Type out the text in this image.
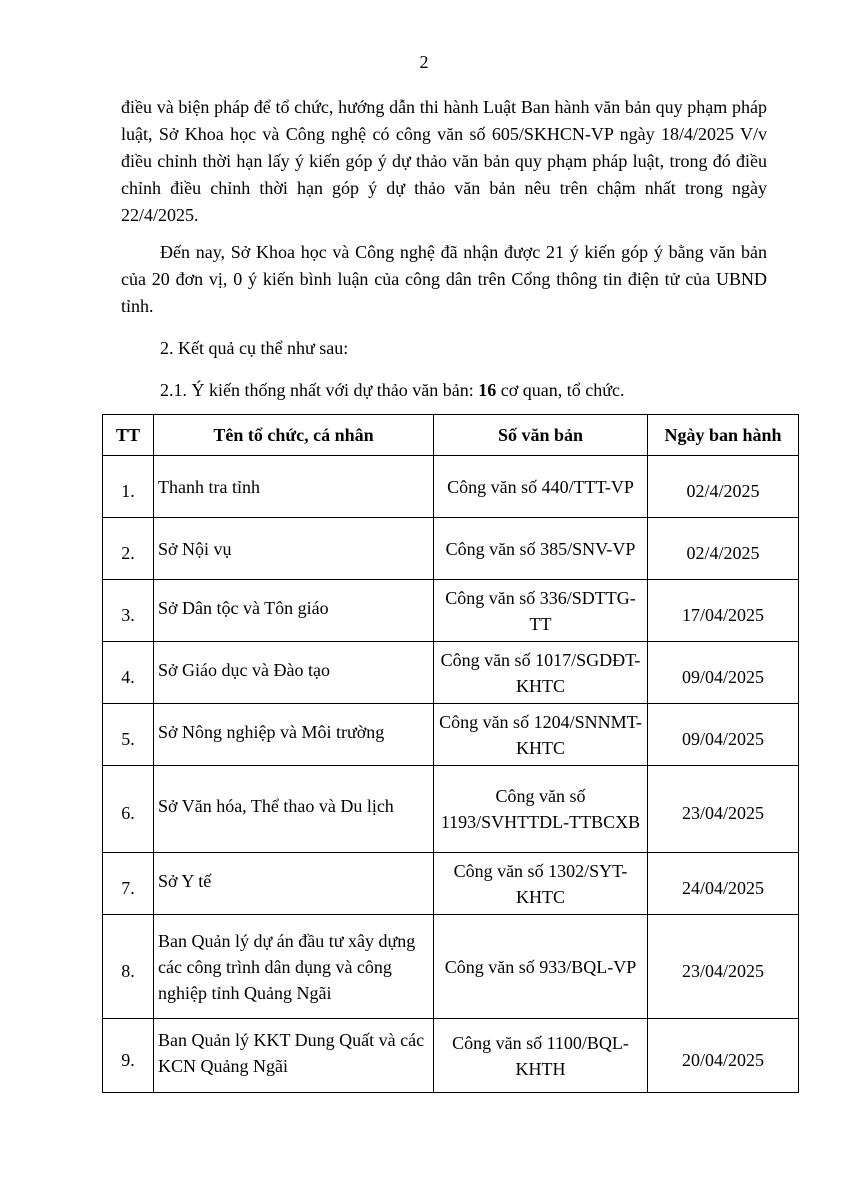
2

điều và biện pháp để tổ chức, hướng dẫn thi hành Luật Ban hành văn bản quy phạm pháp luật, Sở Khoa học và Công nghệ có công văn số 605/SKHCN-VP ngày 18/4/2025 V/v điều chỉnh thời hạn lấy ý kiến góp ý dự thảo văn bản quy phạm pháp luật, trong đó điều chỉnh điều chỉnh thời hạn góp ý dự thảo văn bản nêu trên chậm nhất trong ngày 22/4/2025.

Đến nay, Sở Khoa học và Công nghệ đã nhận được 21 ý kiến góp ý bằng văn bản của 20 đơn vị, 0 ý kiến bình luận của công dân trên Cổng thông tin điện tử của UBND tỉnh.

2. Kết quả cụ thể như sau:

2.1. Ý kiến thống nhất với dự thảo văn bản: 16 cơ quan, tổ chức.

TT	Tên tổ chức, cá nhân	Số văn bản	Ngày ban hành
1.	Thanh tra tỉnh	Công văn số 440/TTT-VP	02/4/2025
2.	Sở Nội vụ	Công văn số 385/SNV-VP	02/4/2025
3.	Sở Dân tộc và Tôn giáo	Công văn số 336/SDTTG-TT	17/04/2025
4.	Sở Giáo dục và Đào tạo	Công văn số 1017/SGDĐT-KHTC	09/04/2025
5.	Sở Nông nghiệp và Môi trường	Công văn số 1204/SNNMT-KHTC	09/04/2025
6.	Sở Văn hóa, Thể thao và Du lịch	Công văn số 1193/SVHTTDL-TTBCXB	23/04/2025
7.	Sở Y tế	Công văn số 1302/SYT-KHTC	24/04/2025
8.	Ban Quản lý dự án đầu tư xây dựng các công trình dân dụng và công nghiệp tỉnh Quảng Ngãi	Công văn số 933/BQL-VP	23/04/2025
9.	Ban Quản lý KKT Dung Quất và các KCN Quảng Ngãi	Công văn số 1100/BQL-KHTH	20/04/2025
